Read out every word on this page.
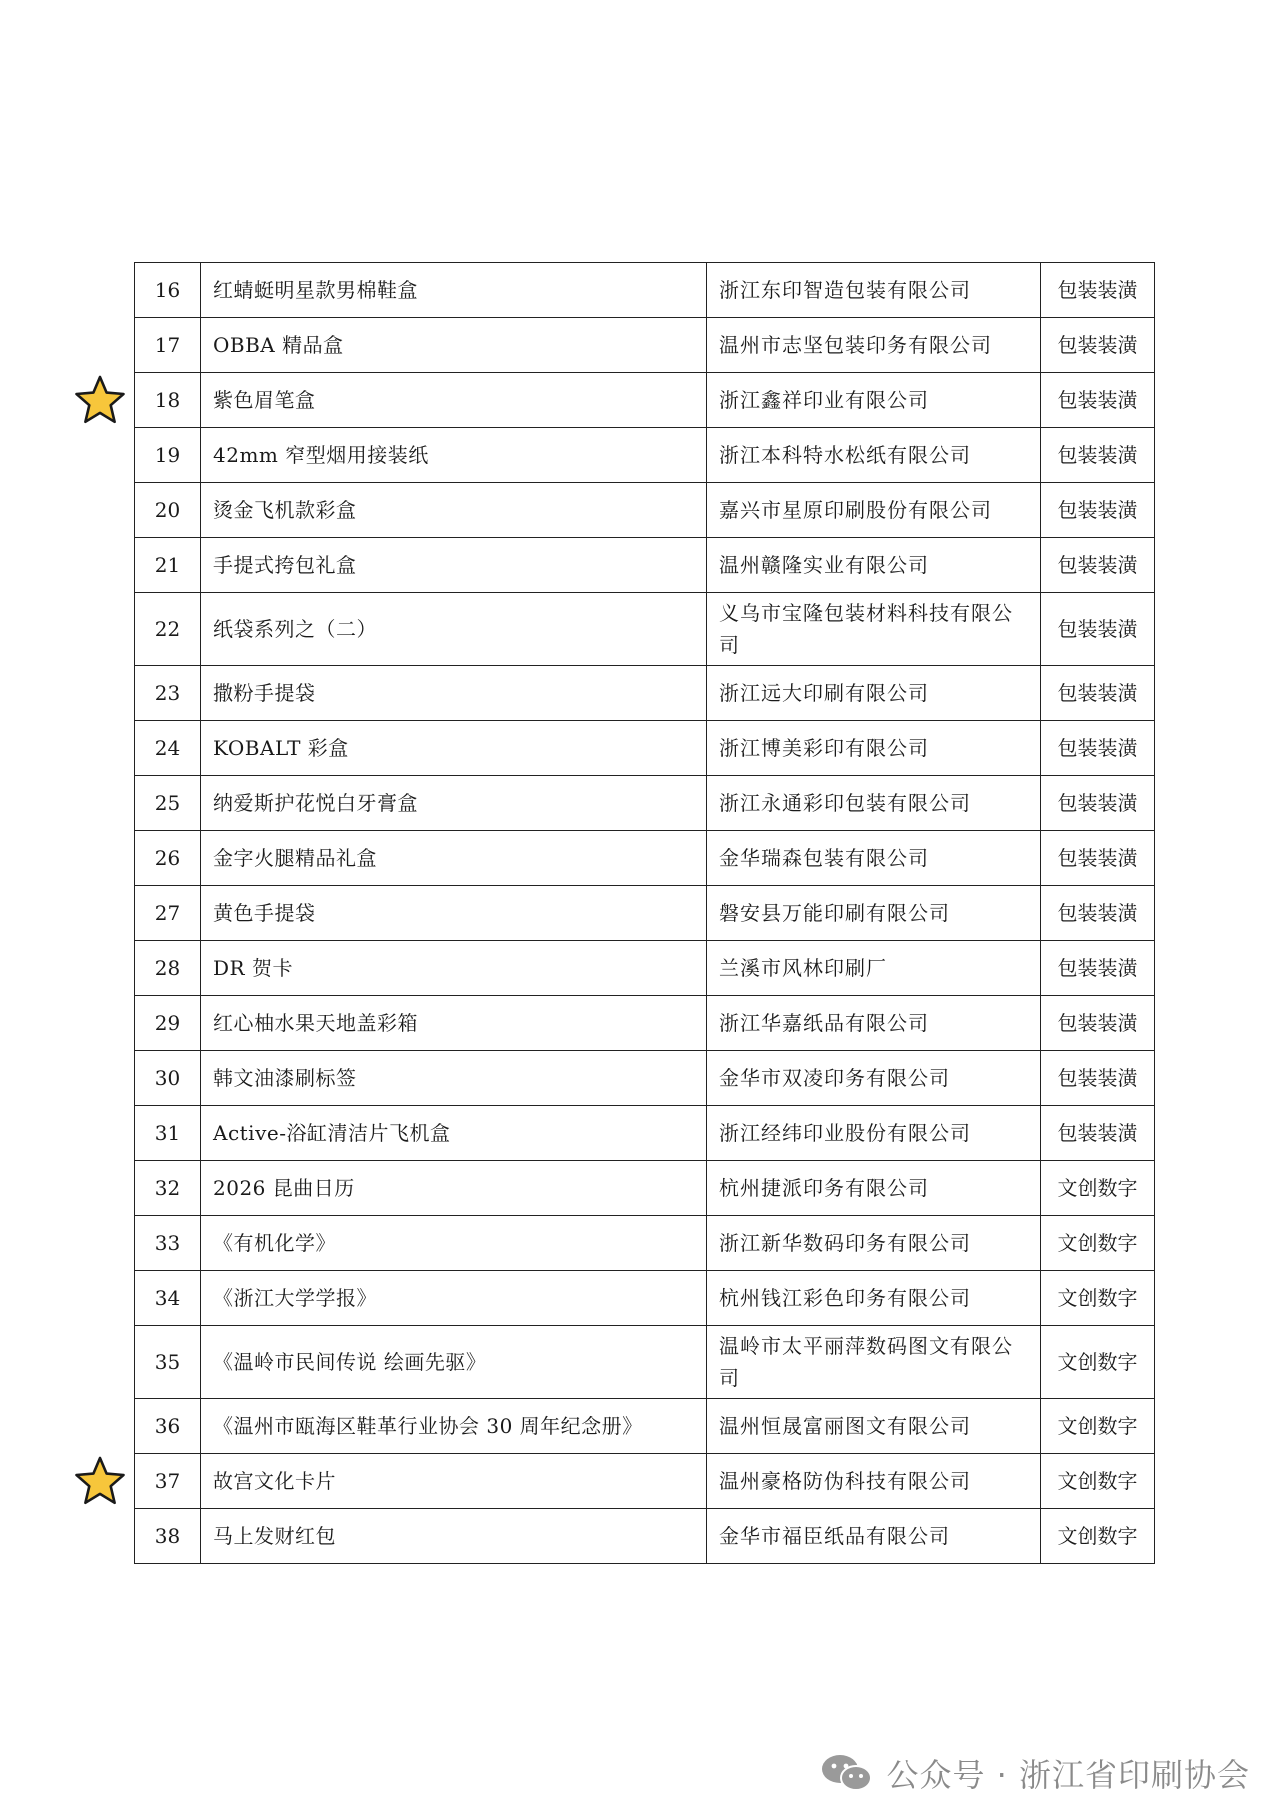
16	红蜻蜓明星款男棉鞋盒	浙江东印智造包装有限公司	包装装潢
17	OBBA 精品盒	温州市志坚包装印务有限公司	包装装潢
18	紫色眉笔盒	浙江鑫祥印业有限公司	包装装潢
19	42mm 窄型烟用接装纸	浙江本科特水松纸有限公司	包装装潢
20	烫金飞机款彩盒	嘉兴市星原印刷股份有限公司	包装装潢
21	手提式挎包礼盒	温州赣隆实业有限公司	包装装潢
22	纸袋系列之（二）	义乌市宝隆包装材料科技有限公司	包装装潢
23	撒粉手提袋	浙江远大印刷有限公司	包装装潢
24	KOBALT 彩盒	浙江博美彩印有限公司	包装装潢
25	纳爱斯护花悦白牙膏盒	浙江永通彩印包装有限公司	包装装潢
26	金字火腿精品礼盒	金华瑞森包装有限公司	包装装潢
27	黄色手提袋	磐安县万能印刷有限公司	包装装潢
28	DR 贺卡	兰溪市风林印刷厂	包装装潢
29	红心柚水果天地盖彩箱	浙江华嘉纸品有限公司	包装装潢
30	韩文油漆刷标签	金华市双凌印务有限公司	包装装潢
31	Active-浴缸清洁片飞机盒	浙江经纬印业股份有限公司	包装装潢
32	2026 昆曲日历	杭州捷派印务有限公司	文创数字
33	《有机化学》	浙江新华数码印务有限公司	文创数字
34	《浙江大学学报》	杭州钱江彩色印务有限公司	文创数字
35	《温岭市民间传说 绘画先驱》	温岭市太平丽萍数码图文有限公司	文创数字
36	《温州市瓯海区鞋革行业协会 30 周年纪念册》	温州恒晟富丽图文有限公司	文创数字
37	故宫文化卡片	温州豪格防伪科技有限公司	文创数字
38	马上发财红包	金华市福臣纸品有限公司	文创数字
公众号 · 浙江省印刷协会
